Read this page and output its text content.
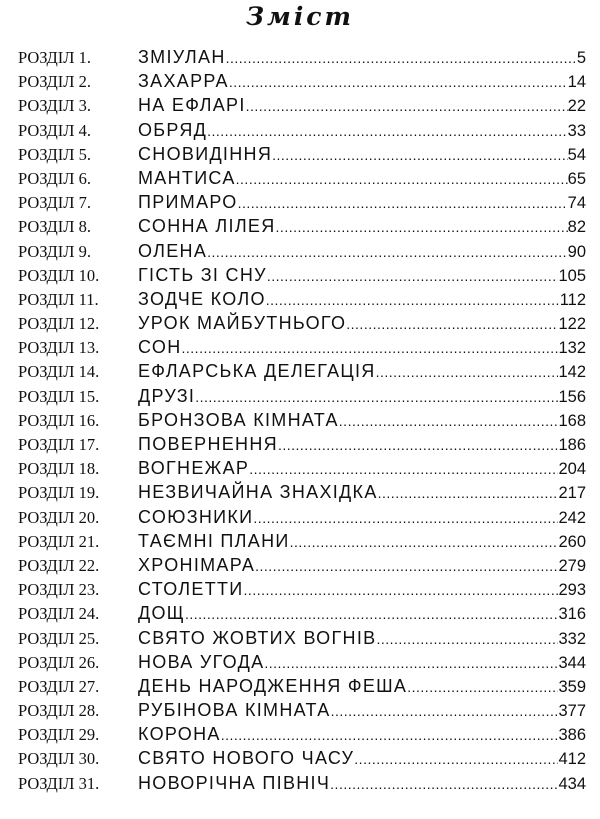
Зміст
РОЗДІЛ 1.	ЗМІУЛАН .....	5
РОЗДІЛ 2.	ЗАХАРРА .....	14
РОЗДІЛ 3.	НА ЕФЛАРІ .....	22
РОЗДІЛ 4.	ОБРЯД .....	33
РОЗДІЛ 5.	СНОВИДІННЯ .....	54
РОЗДІЛ 6.	МАНТИСА .....	65
РОЗДІЛ 7.	ПРИМАРО .....	74
РОЗДІЛ 8.	СОННА ЛІЛЕЯ .....	82
РОЗДІЛ 9.	ОЛЕНА .....	90
РОЗДІЛ 10.	ГІСТЬ ЗІ СНУ .....	105
РОЗДІЛ 11.	ЗОДЧЕ КОЛО .....	112
РОЗДІЛ 12.	УРОК МАЙБУТНЬОГО .....	122
РОЗДІЛ 13.	СОН .....	132
РОЗДІЛ 14.	ЕФЛАРСЬКА ДЕЛЕГАЦІЯ .....	142
РОЗДІЛ 15.	ДРУЗІ .....	156
РОЗДІЛ 16.	БРОНЗОВА КІМНАТА .....	168
РОЗДІЛ 17.	ПОВЕРНЕННЯ .....	186
РОЗДІЛ 18.	ВОГНЕЖАР .....	204
РОЗДІЛ 19.	НЕЗВИЧАЙНА ЗНАХІДКА .....	217
РОЗДІЛ 20.	СОЮЗНИКИ .....	242
РОЗДІЛ 21.	ТАЄМНІ ПЛАНИ .....	260
РОЗДІЛ 22.	ХРОНІМАРА .....	279
РОЗДІЛ 23.	СТОЛЕТТИ .....	293
РОЗДІЛ 24.	ДОЩ .....	316
РОЗДІЛ 25.	СВЯТО ЖОВТИХ ВОГНІВ .....	332
РОЗДІЛ 26.	НОВА УГОДА .....	344
РОЗДІЛ 27.	ДЕНЬ НАРОДЖЕННЯ ФЕША .....	359
РОЗДІЛ 28.	РУБІНОВА КІМНАТА .....	377
РОЗДІЛ 29.	КОРОНА .....	386
РОЗДІЛ 30.	СВЯТО НОВОГО ЧАСУ .....	412
РОЗДІЛ 31.	НОВОРІЧНА ПІВНІЧ .....	434
